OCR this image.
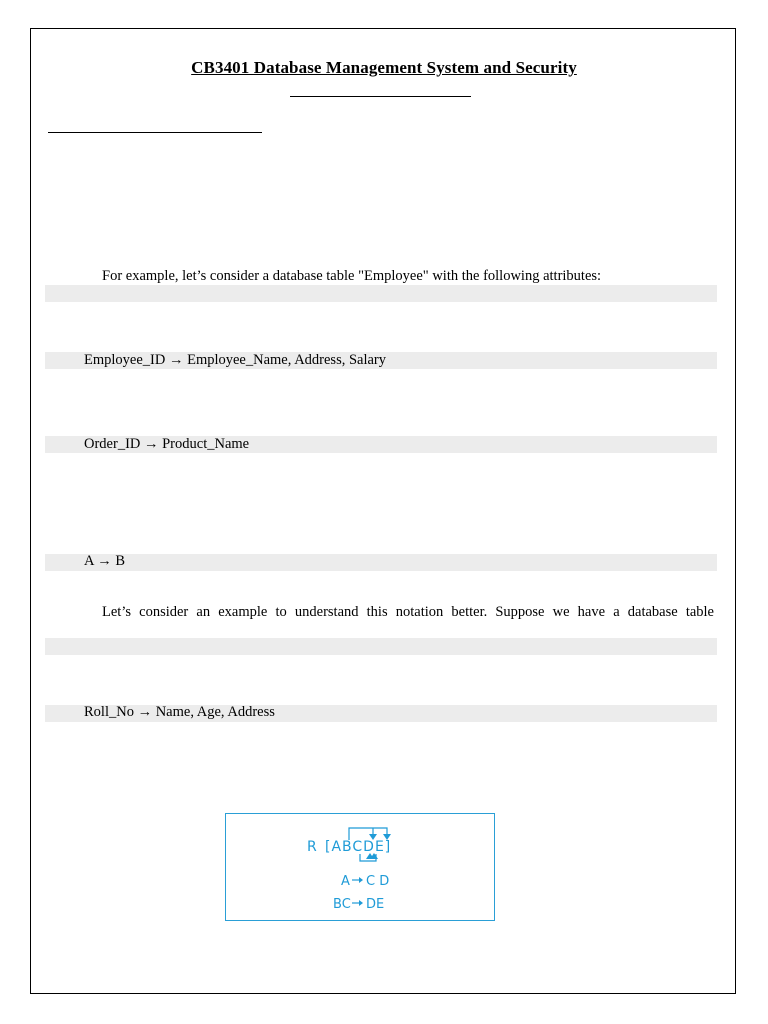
CB3401 Database Management System and Security
For example, let’s consider a database table "Employee" with the following attributes:
Employee_ID → Employee_Name, Address, Salary
Order_ID → Product_Name
A → B
Let’s consider an example to understand this notation better. Suppose we have a database table
Roll_No → Name, Age, Address
R [ABCDE]
A C D
BC DE
